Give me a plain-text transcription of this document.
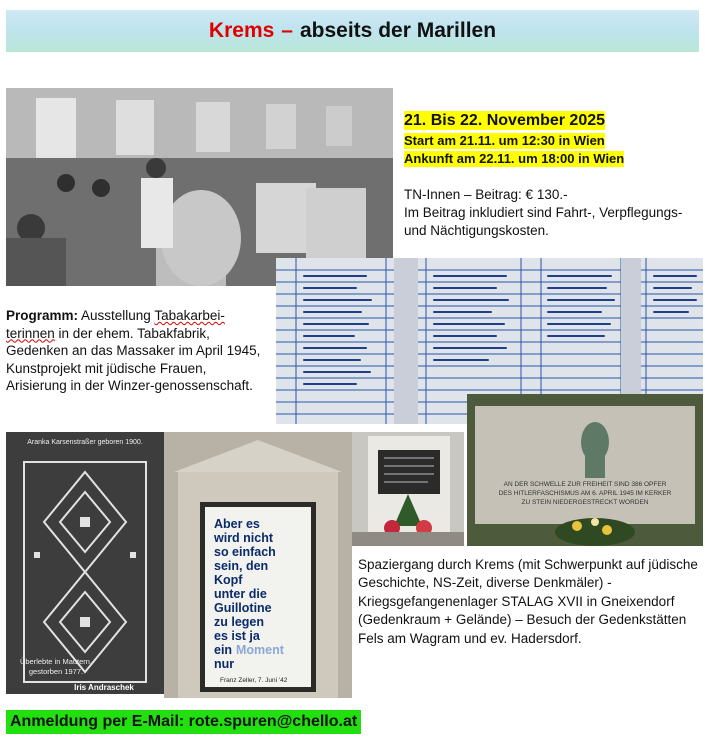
Krems – abseits der Marillen
21. Bis 22. November 2025
Start am 21.11. um 12:30 in Wien
Ankunft am 22.11. um 18:00 in Wien
TN-Innen – Beitrag: € 130.-
Im Beitrag inkludiert sind Fahrt-, Verpflegungs- und Nächtigungskosten.
Programm: Ausstellung Tabakarbei-terinnen in der ehem. Tabakfabrik, Gedenken an das Massaker im April 1945, Kunstprojekt mit jüdische Frauen, Arisierung in der Winzer-genossenschaft.
Aranka Karsenstraßer geboren 1900.
Überlebte in Mautern.
gestorben 1977.
Iris Andraschek
Aber es
wird nicht
so einfach
sein, den
Kopf
unter die
Guillotine
zu legen
es ist ja
ein Moment
nur
Franz Zeller, 7. Juni '42
AN DER SCHWELLE ZUR FREIHEIT SIND 386 OPFER
DES HITLERFASCHISMUS AM 6. APRIL 1945 IM KERKER
ZU STEIN NIEDERGESTRECKT WORDEN
Spaziergang durch Krems (mit Schwerpunkt auf jüdische Geschichte, NS-Zeit, diverse Denkmäler) - Kriegsgefangenenlager STALAG XVII in Gneixendorf (Gedenkraum + Gelände) – Besuch der Gedenkstätten Fels am Wagram und ev. Hadersdorf.
Anmeldung per E-Mail: rote.spuren@chello.at
